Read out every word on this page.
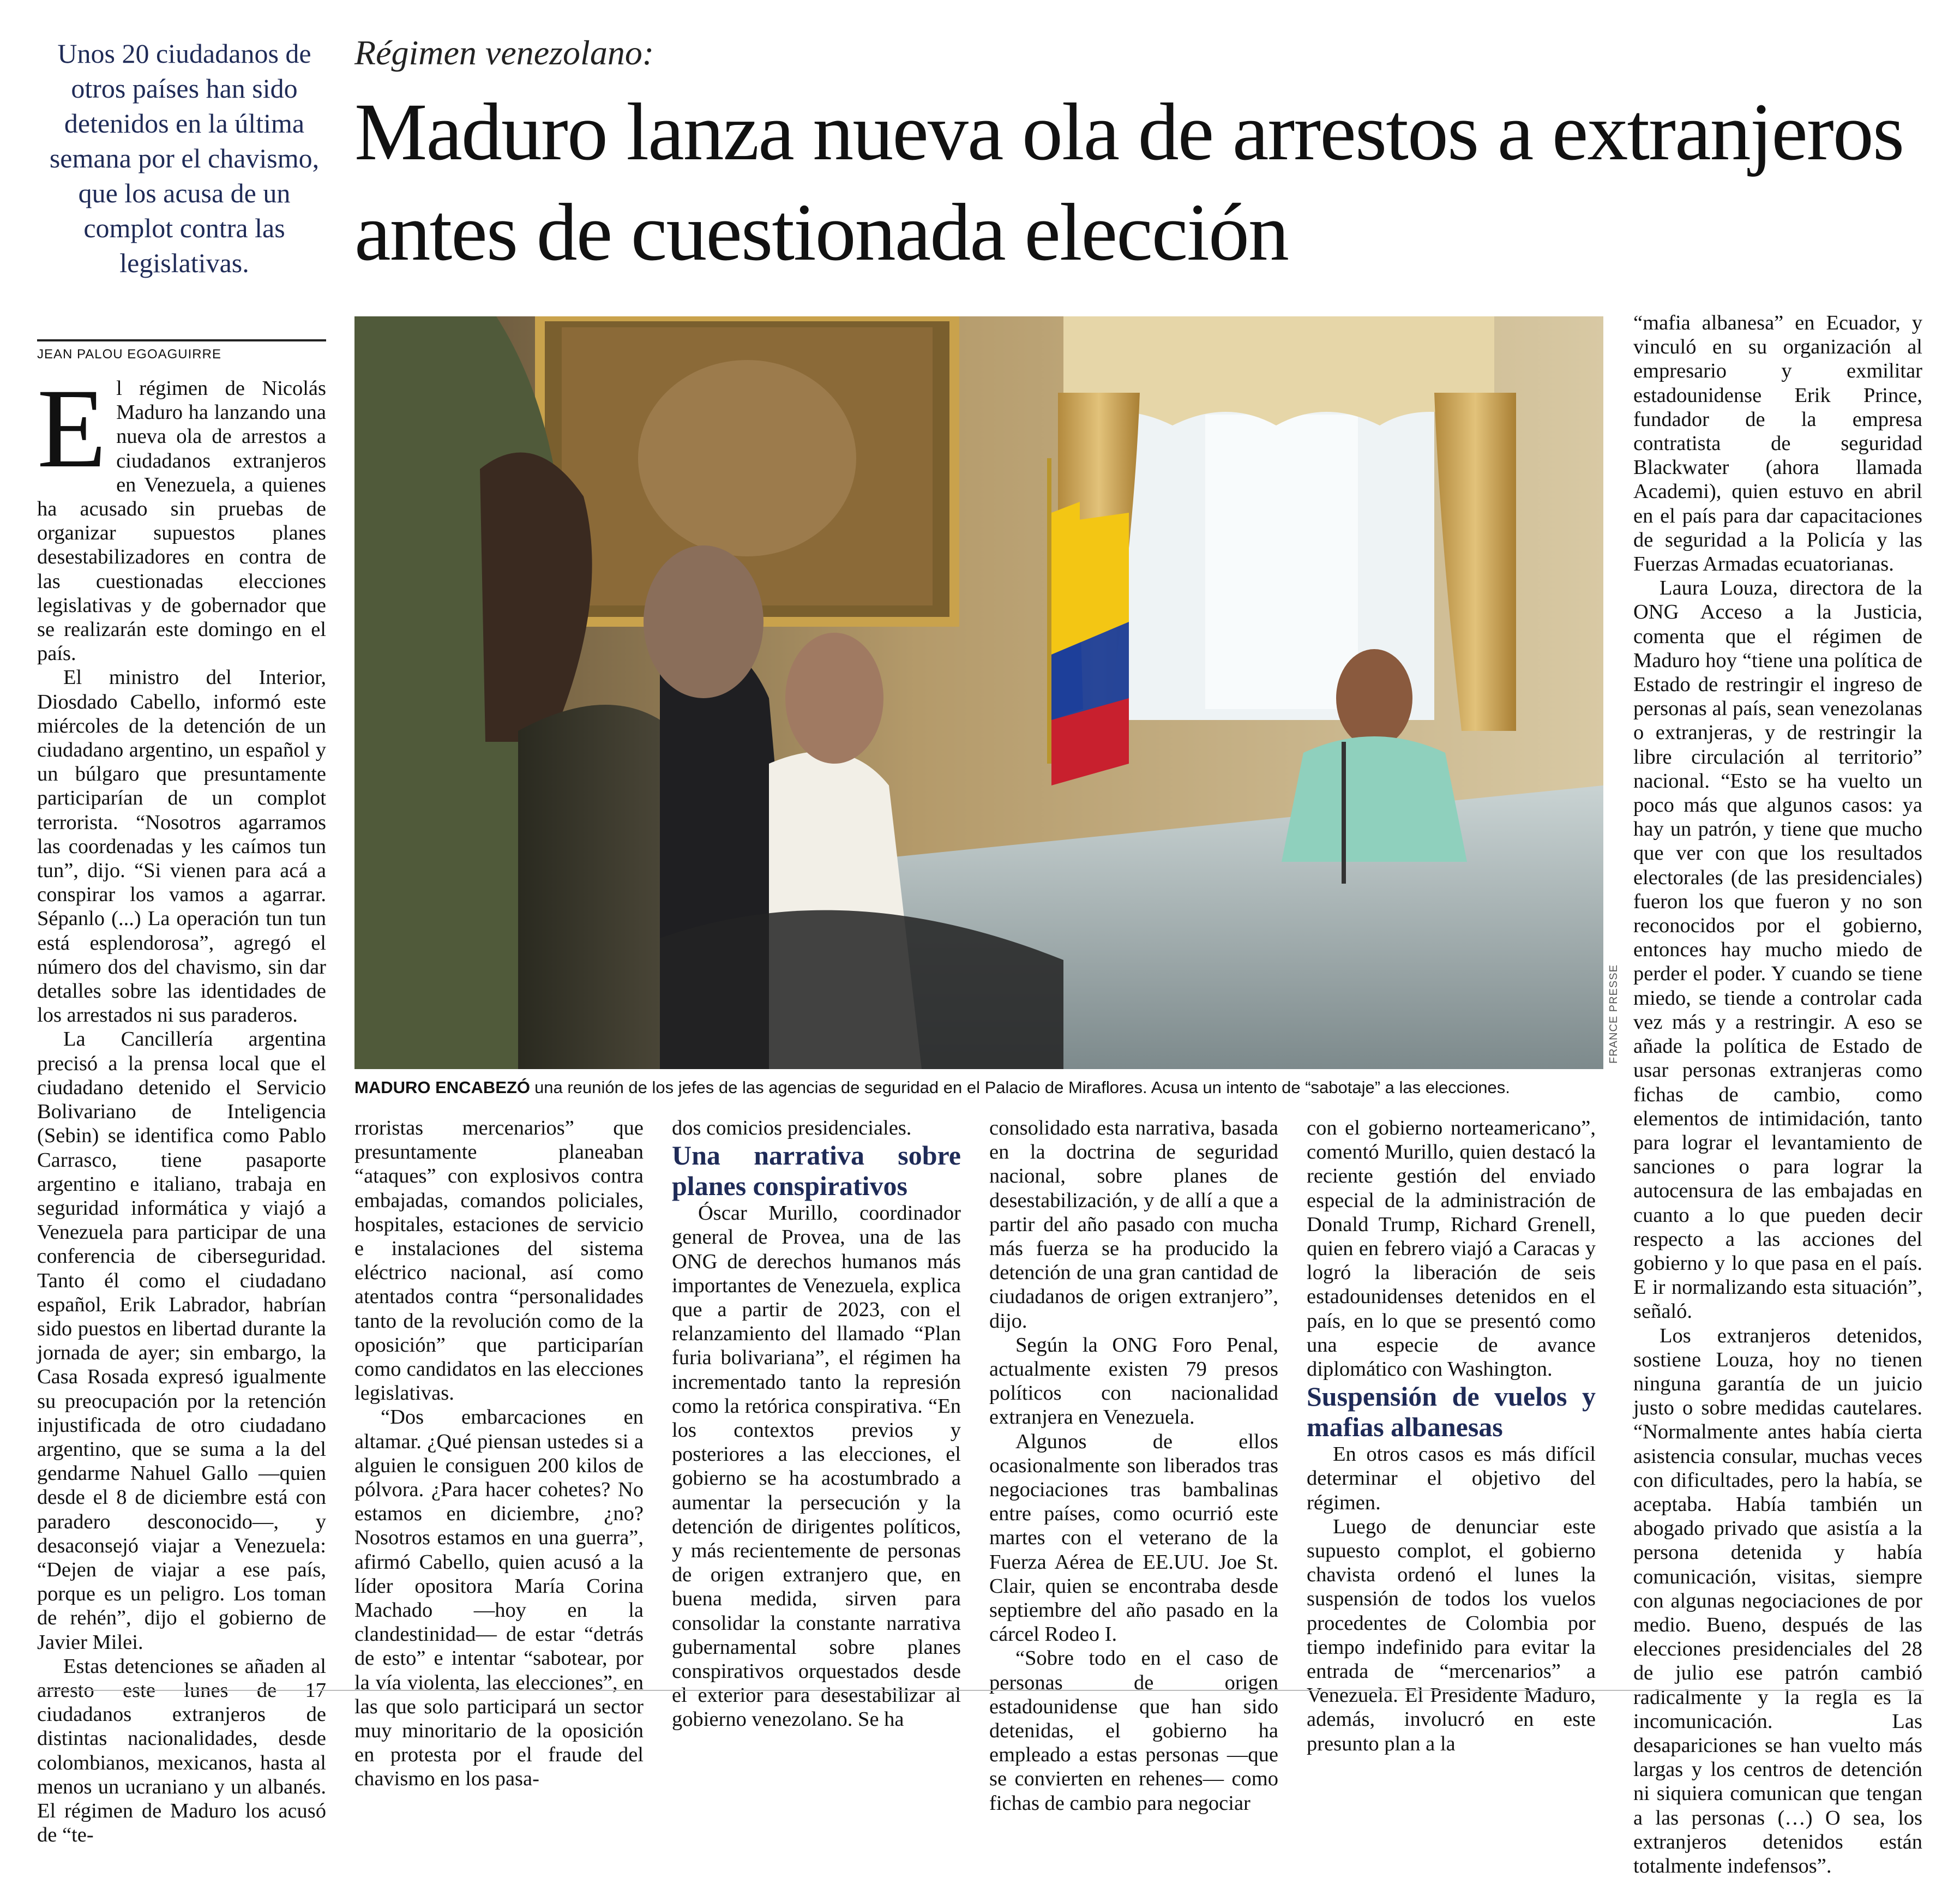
Unos 20 ciudadanos de otros países han sido detenidos en la última semana por el chavismo, que los acusa de un complot contra las legislativas.
JEAN PALOU EGOAGUIRRE
Régimen venezolano:
Maduro lanza nueva ola de arrestos a extranjeros antes de cuestionada elección
FRANCE PRESSE
MADURO ENCABEZÓ una reunión de los jefes de las agencias de seguridad en el Palacio de Miraflores. Acusa un intento de “sabotaje” a las elecciones.

El régimen de Nicolás Maduro ha lanzando una nueva ola de arrestos a ciudadanos extranjeros en Venezuela, a quienes ha acusado sin pruebas de organizar supuestos planes desestabilizadores en contra de las cuestionadas elecciones legislativas y de gobernador que se realizarán este domingo en el país.

El ministro del Interior, Diosdado Cabello, informó este miércoles de la detención de un ciudadano argentino, un español y un búlgaro que presuntamente participarían de un complot terrorista. “Nosotros agarramos las coordenadas y les caímos tun tun”, dijo. “Si vienen para acá a conspirar los vamos a agarrar. Sépanlo (...) La operación tun tun está esplendorosa”, agregó el número dos del chavismo, sin dar detalles sobre las identidades de los arrestados ni sus paraderos.

La Cancillería argentina precisó a la prensa local que el ciudadano detenido el Servicio Bolivariano de Inteligencia (Sebin) se identifica como Pablo Carrasco, tiene pasaporte argentino e italiano, trabaja en seguridad informática y viajó a Venezuela para participar de una conferencia de ciberseguridad. Tanto él como el ciudadano español, Erik Labrador, habrían sido puestos en libertad durante la jornada de ayer; sin embargo, la Casa Rosada expresó igualmente su preocupación por la retención injustificada de otro ciudadano argentino, que se suma a la del gendarme Nahuel Gallo —quien desde el 8 de diciembre está con paradero desconocido—, y desaconsejó viajar a Venezuela: “Dejen de viajar a ese país, porque es un peligro. Los toman de rehén”, dijo el gobierno de Javier Milei.

Estas detenciones se añaden al arresto este lunes de 17 ciudadanos extranjeros de distintas nacionalidades, desde colombianos, mexicanos, hasta al menos un ucraniano y un albanés. El régimen de Maduro los acusó de “te-

rroristas mercenarios” que presuntamente planeaban “ataques” con explosivos contra embajadas, comandos policiales, hospitales, estaciones de servicio e instalaciones del sistema eléctrico nacional, así como atentados contra “personalidades tanto de la revolución como de la oposición” que participarían como candidatos en las elecciones legislativas.

“Dos embarcaciones en altamar. ¿Qué piensan ustedes si a alguien le consiguen 200 kilos de pólvora. ¿Para hacer cohetes? No estamos en diciembre, ¿no? Nosotros estamos en una guerra”, afirmó Cabello, quien acusó a la líder opositora María Corina Machado —hoy en la clandestinidad— de estar “detrás de esto” e intentar “sabotear, por la vía violenta, las elecciones”, en las que solo participará un sector muy minoritario de la oposición en protesta por el fraude del chavismo en los pasa-

dos comicios presidenciales.

Una narrativa sobre planes conspirativos

Óscar Murillo, coordinador general de Provea, una de las ONG de derechos humanos más importantes de Venezuela, explica que a partir de 2023, con el relanzamiento del llamado “Plan furia bolivariana”, el régimen ha incrementado tanto la represión como la retórica conspirativa. “En los contextos previos y posteriores a las elecciones, el gobierno se ha acostumbrado a aumentar la persecución y la detención de dirigentes políticos, y más recientemente de personas de origen extranjero que, en buena medida, sirven para consolidar la constante narrativa gubernamental sobre planes conspirativos orquestados desde el exterior para desestabilizar al gobierno venezolano. Se ha

consolidado esta narrativa, basada en la doctrina de seguridad nacional, sobre planes de desestabilización, y de allí a que a partir del año pasado con mucha más fuerza se ha producido la detención de una gran cantidad de ciudadanos de origen extranjero”, dijo.

Según la ONG Foro Penal, actualmente existen 79 presos políticos con nacionalidad extranjera en Venezuela.

Algunos de ellos ocasionalmente son liberados tras negociaciones tras bambalinas entre países, como ocurrió este martes con el veterano de la Fuerza Aérea de EE.UU. Joe St. Clair, quien se encontraba desde septiembre del año pasado en la cárcel Rodeo I.

“Sobre todo en el caso de personas de origen estadounidense que han sido detenidas, el gobierno ha empleado a estas personas —que se convierten en rehenes— como fichas de cambio para negociar

con el gobierno norteamericano”, comentó Murillo, quien destacó la reciente gestión del enviado especial de la administración de Donald Trump, Richard Grenell, quien en febrero viajó a Caracas y logró la liberación de seis estadounidenses detenidos en el país, en lo que se presentó como una especie de avance diplomático con Washington.

Suspensión de vuelos y mafias albanesas

En otros casos es más difícil determinar el objetivo del régimen.

Luego de denunciar este supuesto complot, el gobierno chavista ordenó el lunes la suspensión de todos los vuelos procedentes de Colombia por tiempo indefinido para evitar la entrada de “mercenarios” a Venezuela. El Presidente Maduro, además, involucró en este presunto plan a la

“mafia albanesa” en Ecuador, y vinculó en su organización al empresario y exmilitar estadounidense Erik Prince, fundador de la empresa contratista de seguridad Blackwater (ahora llamada Academi), quien estuvo en abril en el país para dar capacitaciones de seguridad a la Policía y las Fuerzas Armadas ecuatorianas.

Laura Louza, directora de la ONG Acceso a la Justicia, comenta que el régimen de Maduro hoy “tiene una política de Estado de restringir el ingreso de personas al país, sean venezolanas o extranjeras, y de restringir la libre circulación al territorio” nacional. “Esto se ha vuelto un poco más que algunos casos: ya hay un patrón, y tiene que mucho que ver con que los resultados electorales (de las presidenciales) fueron los que fueron y no son reconocidos por el gobierno, entonces hay mucho miedo de perder el poder. Y cuando se tiene miedo, se tiende a controlar cada vez más y a restringir. A eso se añade la política de Estado de usar personas extranjeras como fichas de cambio, como elementos de intimidación, tanto para lograr el levantamiento de sanciones o para lograr la autocensura de las embajadas en cuanto a lo que pueden decir respecto a las acciones del gobierno y lo que pasa en el país. E ir normalizando esta situación”, señaló.

Los extranjeros detenidos, sostiene Louza, hoy no tienen ninguna garantía de un juicio justo o sobre medidas cautelares. “Normalmente antes había cierta asistencia consular, muchas veces con dificultades, pero la había, se aceptaba. Había también un abogado privado que asistía a la persona detenida y había comunicación, visitas, siempre con algunas negociaciones de por medio. Bueno, después de las elecciones presidenciales del 28 de julio ese patrón cambió radicalmente y la regla es la incomunicación. Las desapariciones se han vuelto más largas y los centros de detención ni siquiera comunican que tengan a las personas (…) O sea, los extranjeros detenidos están totalmente indefensos”.
